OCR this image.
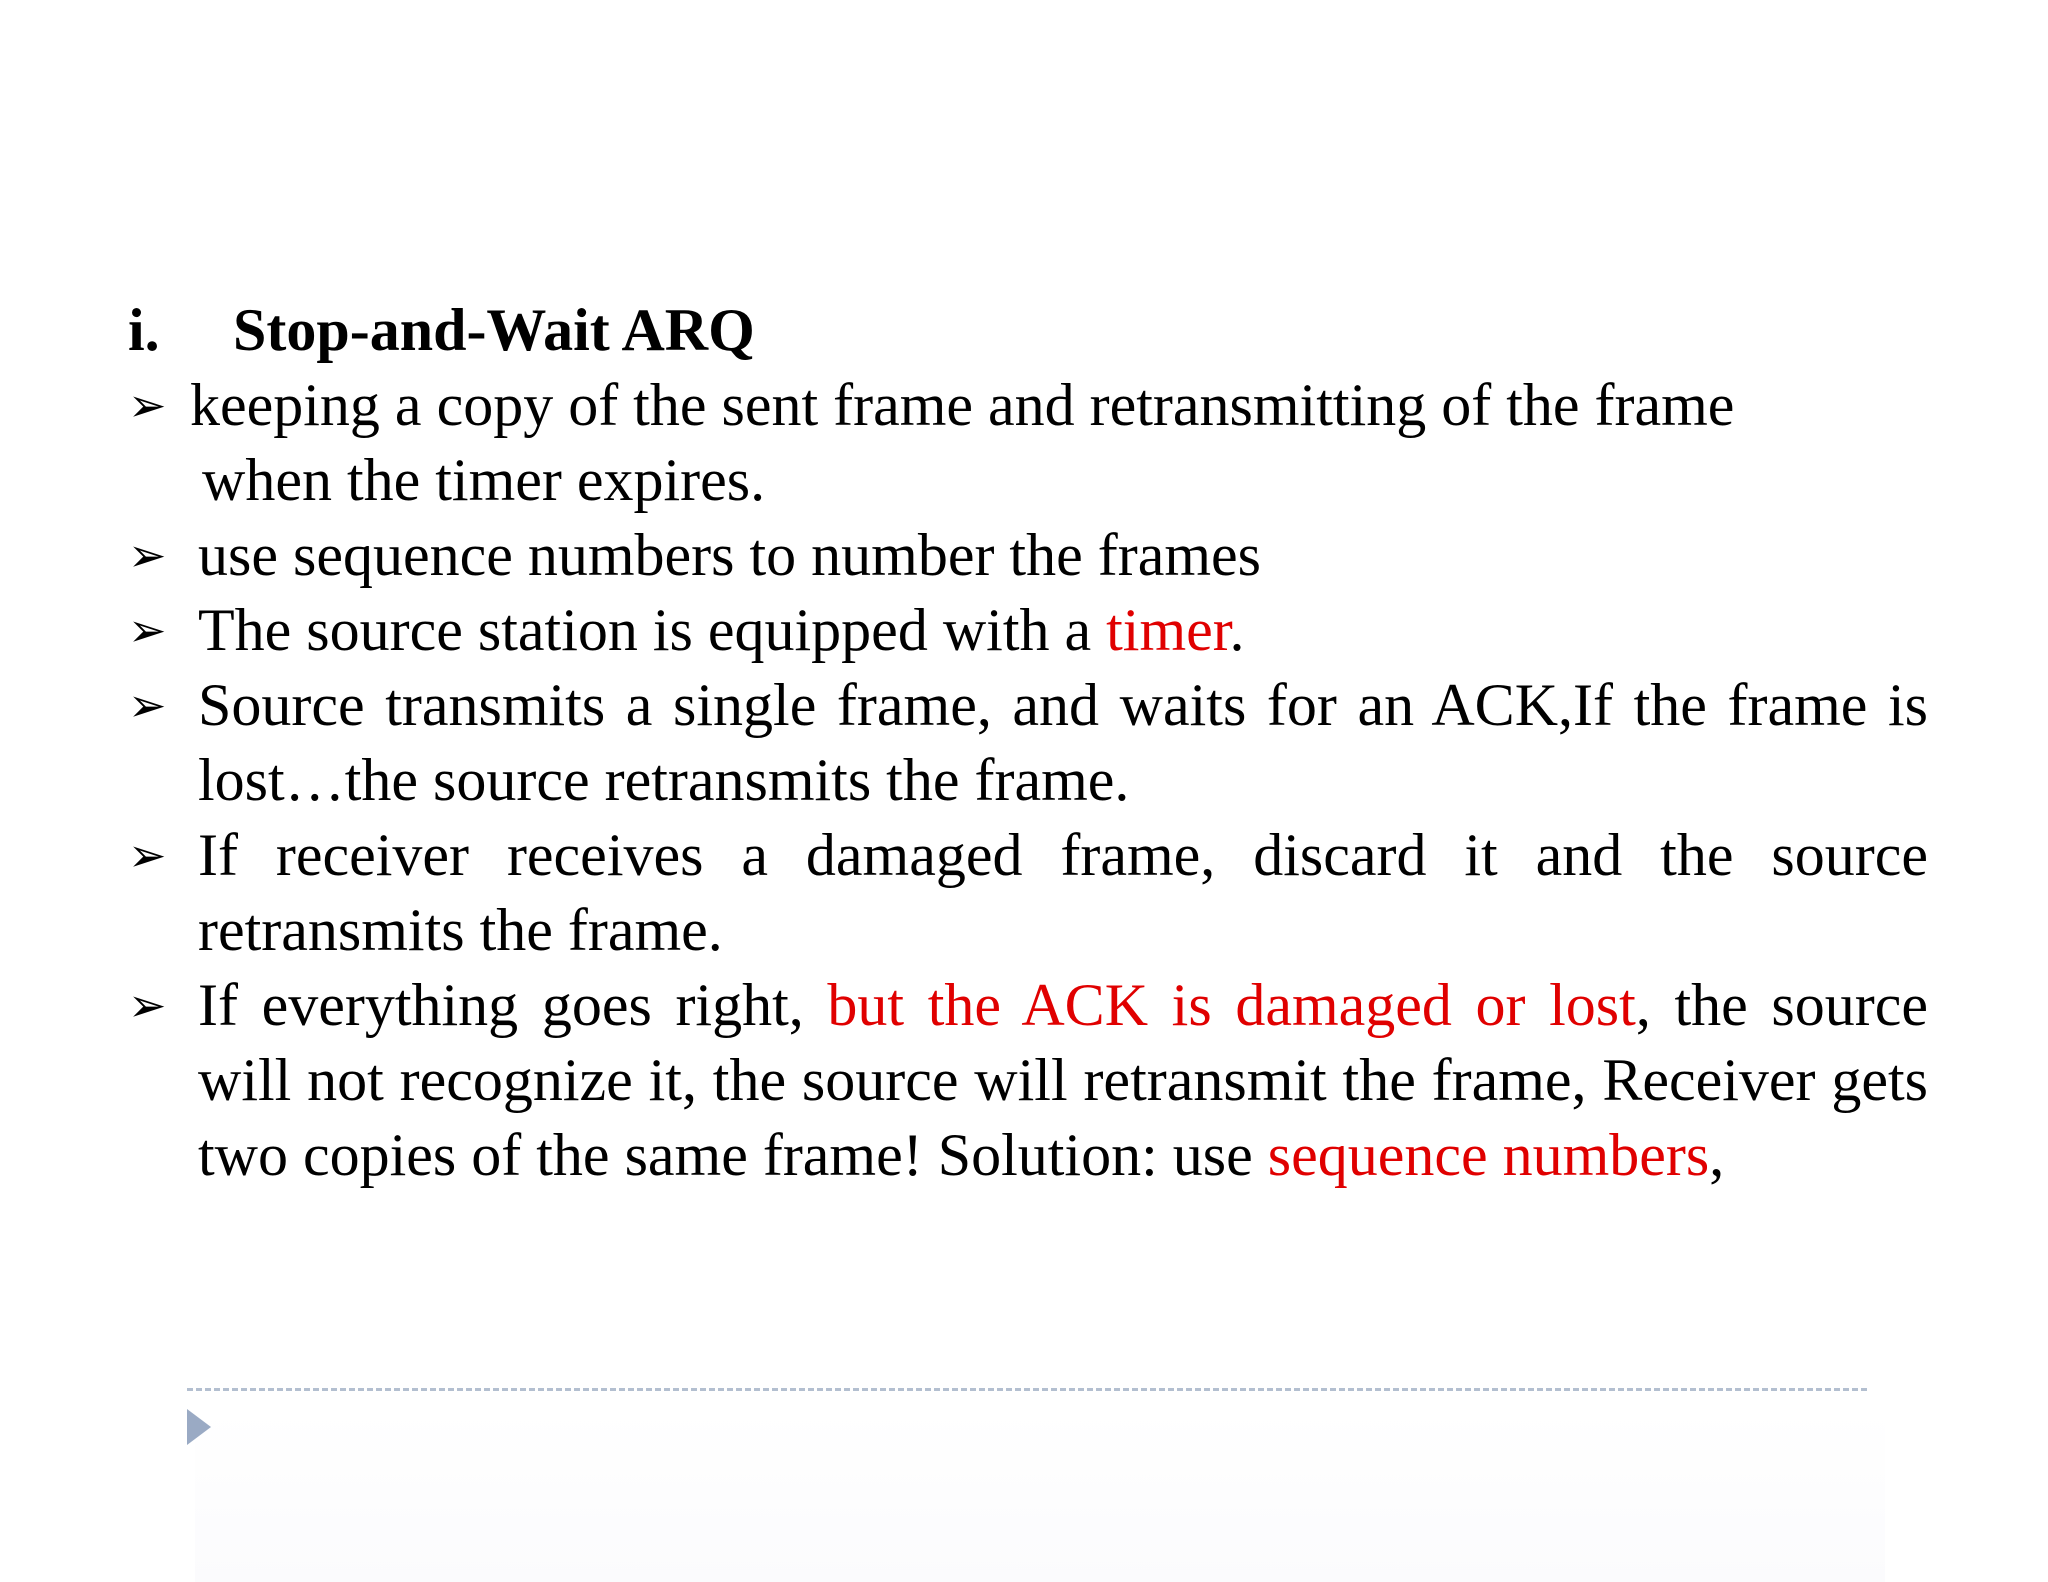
i. Stop-and-Wait ARQ
➢ keeping a copy of the sent frame and retransmitting of the frame
when the timer expires.
➢ use sequence numbers to number the frames
➢ The source station is equipped with a timer.
➢ Source transmits a single frame, and waits for an ACK,If the frame is lost…the source retransmits the frame.
➢ If receiver receives a damaged frame, discard it and the source retransmits the frame.
➢ If everything goes right, but the ACK is damaged or lost, the source will not recognize it, the source will retransmit the frame, Receiver gets two copies of the same frame! Solution: use sequence numbers,
